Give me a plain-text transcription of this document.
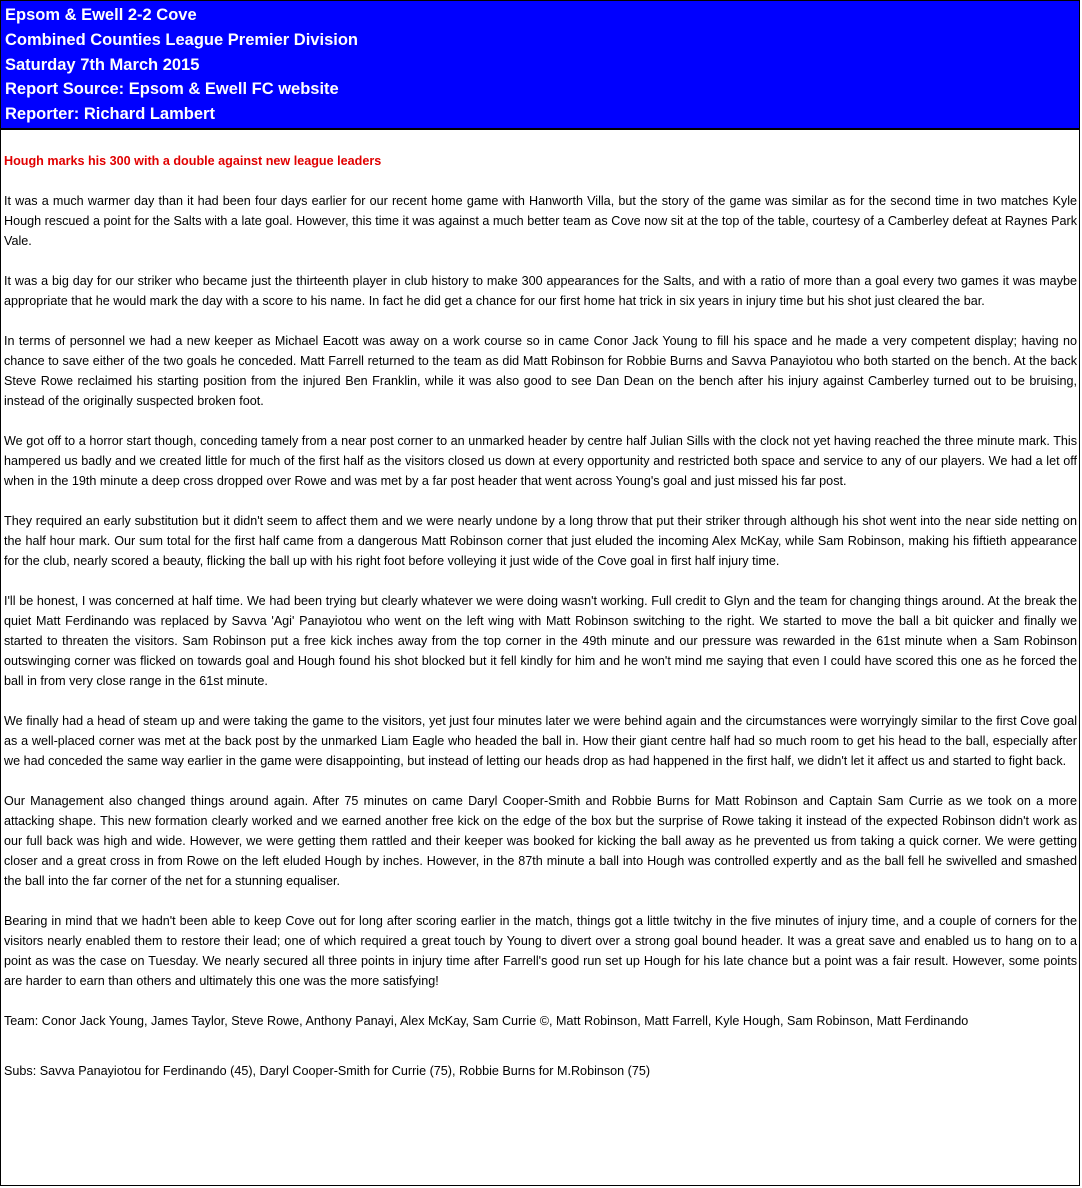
Epsom & Ewell 2-2 Cove
Combined Counties League Premier Division
Saturday 7th March 2015
Report Source: Epsom & Ewell FC website
Reporter: Richard Lambert
Hough marks his 300 with a double against new league leaders

It was a much warmer day than it had been four days earlier for our recent home game with Hanworth Villa, but the story of the game was similar as for the second time in two matches Kyle Hough rescued a point for the Salts with a late goal. However, this time it was against a much better team as Cove now sit at the top of the table, courtesy of a Camberley defeat at Raynes Park Vale.

It was a big day for our striker who became just the thirteenth player in club history to make 300 appearances for the Salts, and with a ratio of more than a goal every two games it was maybe appropriate that he would mark the day with a score to his name. In fact he did get a chance for our first home hat trick in six years in injury time but his shot just cleared the bar.

In terms of personnel we had a new keeper as Michael Eacott was away on a work course so in came Conor Jack Young to fill his space and he made a very competent display; having no chance to save either of the two goals he conceded. Matt Farrell returned to the team as did Matt Robinson for Robbie Burns and Savva Panayiotou who both started on the bench. At the back Steve Rowe reclaimed his starting position from the injured Ben Franklin, while it was also good to see Dan Dean on the bench after his injury against Camberley turned out to be bruising, instead of the originally suspected broken foot.

We got off to a horror start though, conceding tamely from a near post corner to an unmarked header by centre half Julian Sills with the clock not yet having reached the three minute mark. This hampered us badly and we created little for much of the first half as the visitors closed us down at every opportunity and restricted both space and service to any of our players. We had a let off when in the 19th minute a deep cross dropped over Rowe and was met by a far post header that went across Young's goal and just missed his far post.

They required an early substitution but it didn't seem to affect them and we were nearly undone by a long throw that put their striker through although his shot went into the near side netting on the half hour mark. Our sum total for the first half came from a dangerous Matt Robinson corner that just eluded the incoming Alex McKay, while Sam Robinson, making his fiftieth appearance for the club, nearly scored a beauty, flicking the ball up with his right foot before volleying it just wide of the Cove goal in first half injury time.

I'll be honest, I was concerned at half time. We had been trying but clearly whatever we were doing wasn't working. Full credit to Glyn and the team for changing things around. At the break the quiet Matt Ferdinando was replaced by Savva 'Agi' Panayiotou who went on the left wing with Matt Robinson switching to the right. We started to move the ball a bit quicker and finally we started to threaten the visitors. Sam Robinson put a free kick inches away from the top corner in the 49th minute and our pressure was rewarded in the 61st minute when a Sam Robinson outswinging corner was flicked on towards goal and Hough found his shot blocked but it fell kindly for him and he won't mind me saying that even I could have scored this one as he forced the ball in from very close range in the 61st minute.

We finally had a head of steam up and were taking the game to the visitors, yet just four minutes later we were behind again and the circumstances were worryingly similar to the first Cove goal as a well-placed corner was met at the back post by the unmarked Liam Eagle who headed the ball in. How their giant centre half had so much room to get his head to the ball, especially after we had conceded the same way earlier in the game were disappointing, but instead of letting our heads drop as had happened in the first half, we didn't let it affect us and started to fight back.

Our Management also changed things around again. After 75 minutes on came Daryl Cooper-Smith and Robbie Burns for Matt Robinson and Captain Sam Currie as we took on a more attacking shape. This new formation clearly worked and we earned another free kick on the edge of the box but the surprise of Rowe taking it instead of the expected Robinson didn't work as our full back was high and wide. However, we were getting them rattled and their keeper was booked for kicking the ball away as he prevented us from taking a quick corner. We were getting closer and a great cross in from Rowe on the left eluded Hough by inches. However, in the 87th minute a ball into Hough was controlled expertly and as the ball fell he swivelled and smashed the ball into the far corner of the net for a stunning equaliser.

Bearing in mind that we hadn't been able to keep Cove out for long after scoring earlier in the match, things got a little twitchy in the five minutes of injury time, and a couple of corners for the visitors nearly enabled them to restore their lead; one of which required a great touch by Young to divert over a strong goal bound header. It was a great save and enabled us to hang on to a point as was the case on Tuesday. We nearly secured all three points in injury time after Farrell's good run set up Hough for his late chance but a point was a fair result. However, some points are harder to earn than others and ultimately this one was the more satisfying!

Team: Conor Jack Young, James Taylor, Steve Rowe, Anthony Panayi, Alex McKay, Sam Currie ©, Matt Robinson, Matt Farrell, Kyle Hough, Sam Robinson, Matt Ferdinando
Subs: Savva Panayiotou for Ferdinando (45), Daryl Cooper-Smith for Currie (75), Robbie Burns for M.Robinson (75)
